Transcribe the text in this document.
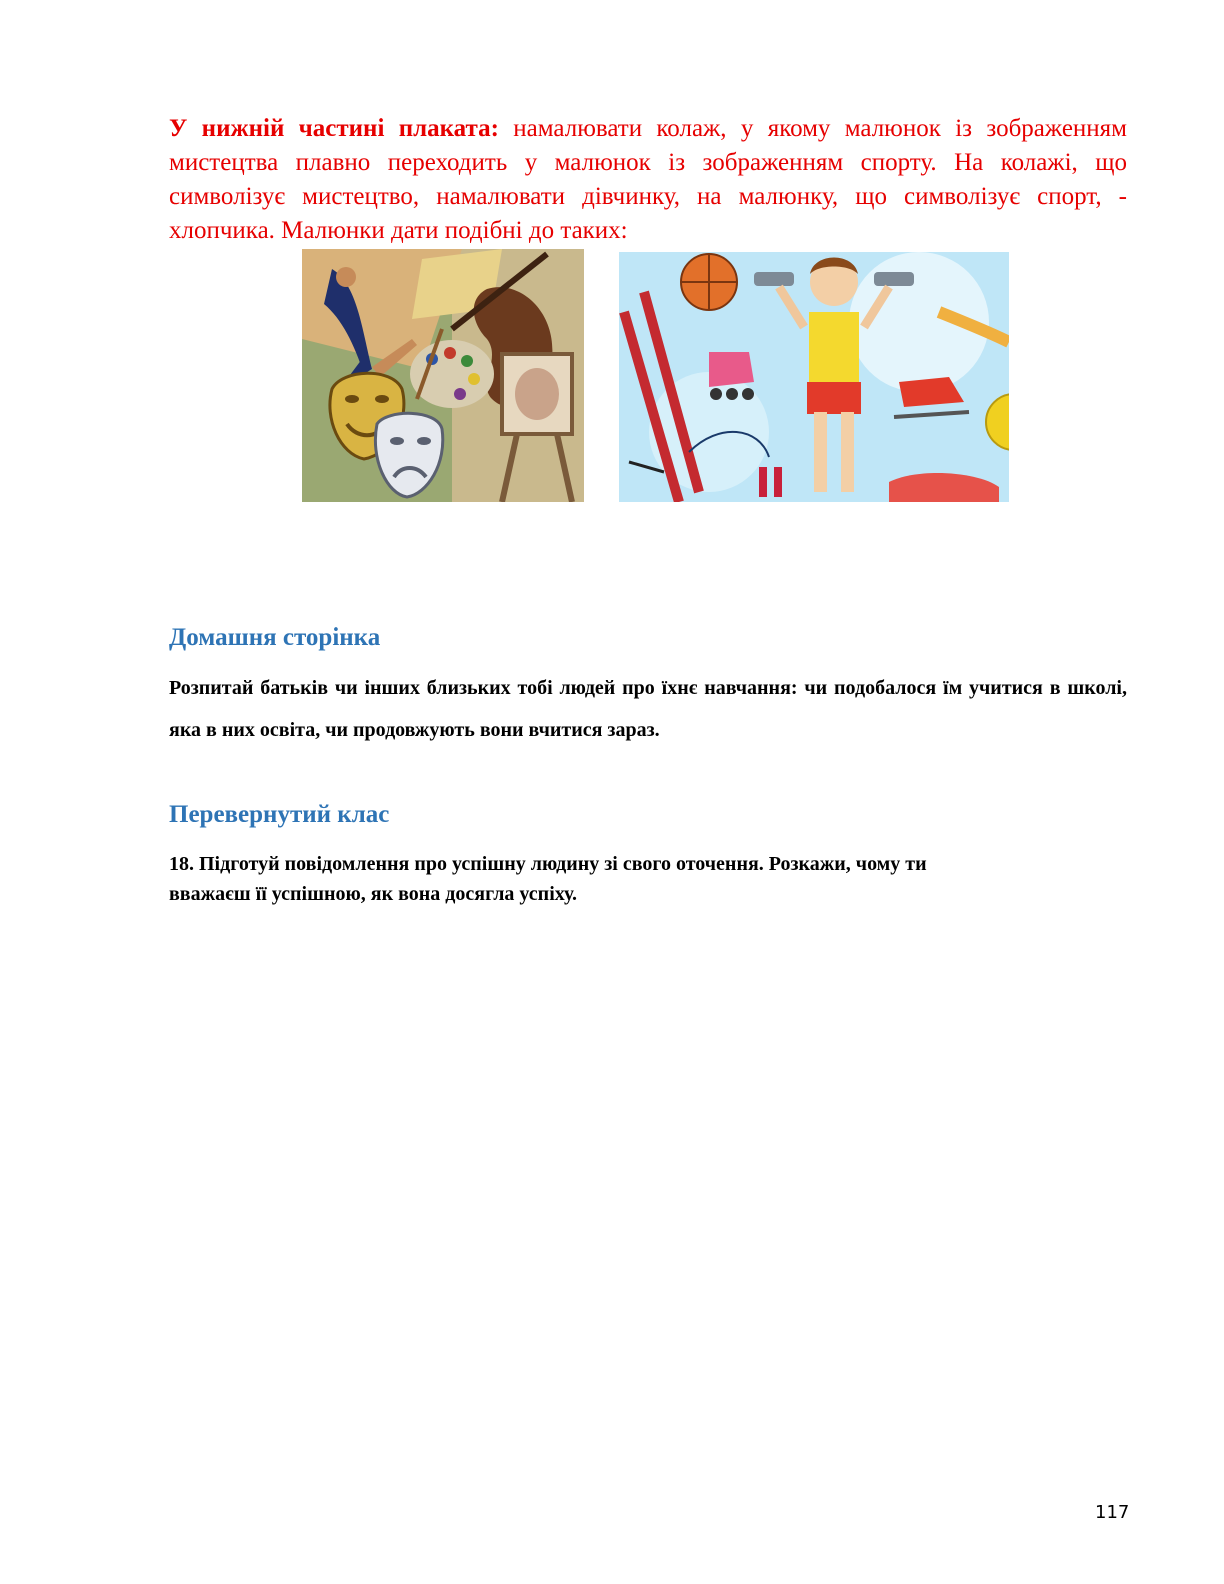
У нижній частині плаката: намалювати колаж, у якому малюнок із зображенням мистецтва плавно переходить у малюнок із зображенням спорту. На колажі, що символізує мистецтво, намалювати дівчинку, на малюнку, що символізує спорт, - хлопчика. Малюнки дати подібні до таких:

Домашня сторінка

Розпитай батьків чи інших близьких тобі людей про їхнє навчання: чи подобалося їм учитися в школі, яка в них освіта, чи продовжують вони вчитися зараз.

Перевернутий клас

18. Підготуй повідомлення про успішну людину зі свого оточення. Розкажи, чому ти
вважаєш її успішною, як вона досягла успіху.

117
